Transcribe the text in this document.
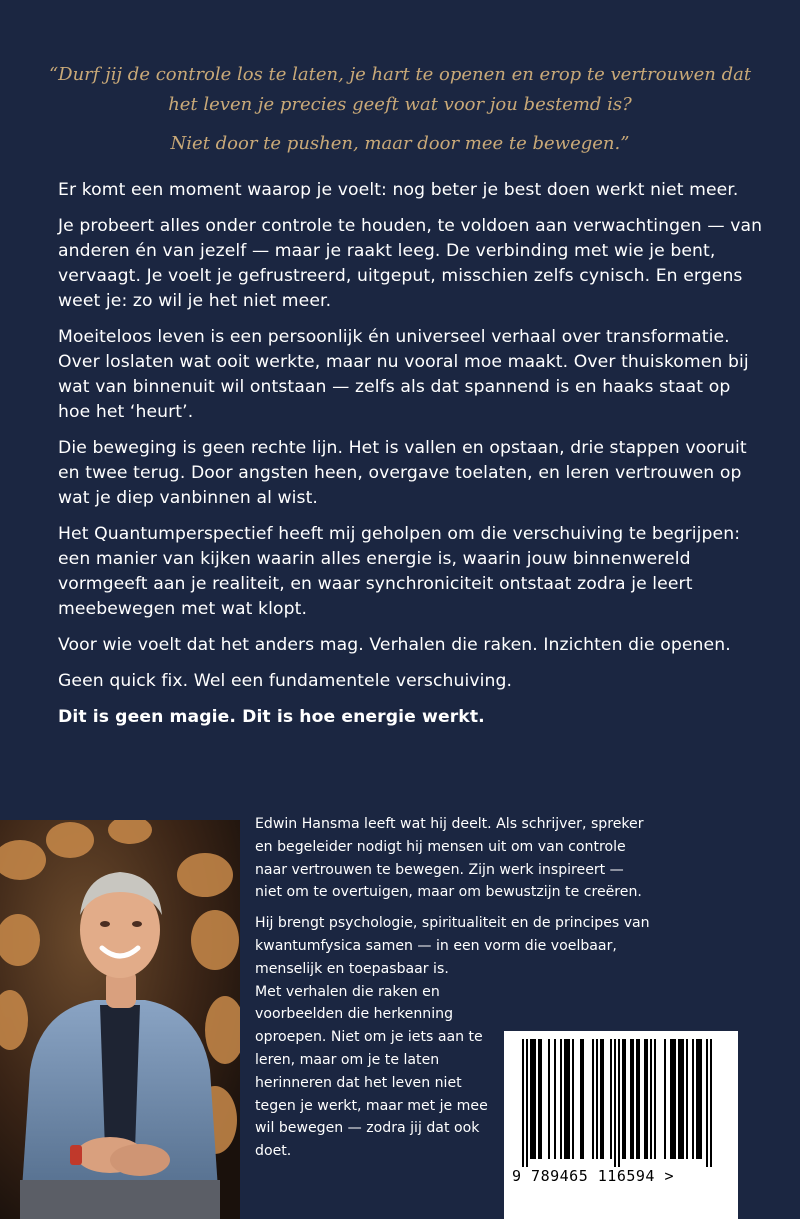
“Durf jij de controle los te laten, je hart te openen en erop te vertrouwen dat het leven je precies geeft wat voor jou bestemd is?

Niet door te pushen, maar door mee te bewegen.”

Er komt een moment waarop je voelt: nog beter je best doen werkt niet meer.

Je probeert alles onder controle te houden, te voldoen aan verwachtingen — van anderen én van jezelf — maar je raakt leeg. De verbinding met wie je bent, vervaagt. Je voelt je gefrustreerd, uitgeput, misschien zelfs cynisch. En ergens weet je: zo wil je het niet meer.

Moeiteloos leven is een persoonlijk én universeel verhaal over transformatie. Over loslaten wat ooit werkte, maar nu vooral moe maakt. Over thuiskomen bij wat van binnenuit wil ontstaan — zelfs als dat spannend is en haaks staat op hoe het ‘heurt’.

Die beweging is geen rechte lijn. Het is vallen en opstaan, drie stappen vooruit en twee terug. Door angsten heen, overgave toelaten, en leren vertrouwen op wat je diep vanbinnen al wist.

Het Quantumperspectief heeft mij geholpen om die verschuiving te begrijpen: een manier van kijken waarin alles energie is, waarin jouw binnenwereld vormgeeft aan je realiteit, en waar synchroniciteit ontstaat zodra je leert meebewegen met wat klopt.

Voor wie voelt dat het anders mag. Verhalen die raken. Inzichten die openen.

Geen quick fix. Wel een fundamentele verschuiving.

Dit is geen magie. Dit is hoe energie werkt.

Edwin Hansma leeft wat hij deelt. Als schrijver, spreker en begeleider nodigt hij mensen uit om van controle naar vertrouwen te bewegen. Zijn werk inspireert — niet om te overtuigen, maar om bewustzijn te creëren.

Hij brengt psychologie, spiritualiteit en de principes van kwantumfysica samen — in een vorm die voelbaar, menselijk en toepasbaar is.

Met verhalen die raken en voorbeelden die herkenning oproepen. Niet om je iets aan te leren, maar om je te laten herinneren dat het leven niet tegen je werkt, maar met je mee wil bewegen — zodra jij dat ook doet.

9 789465 116594 >
